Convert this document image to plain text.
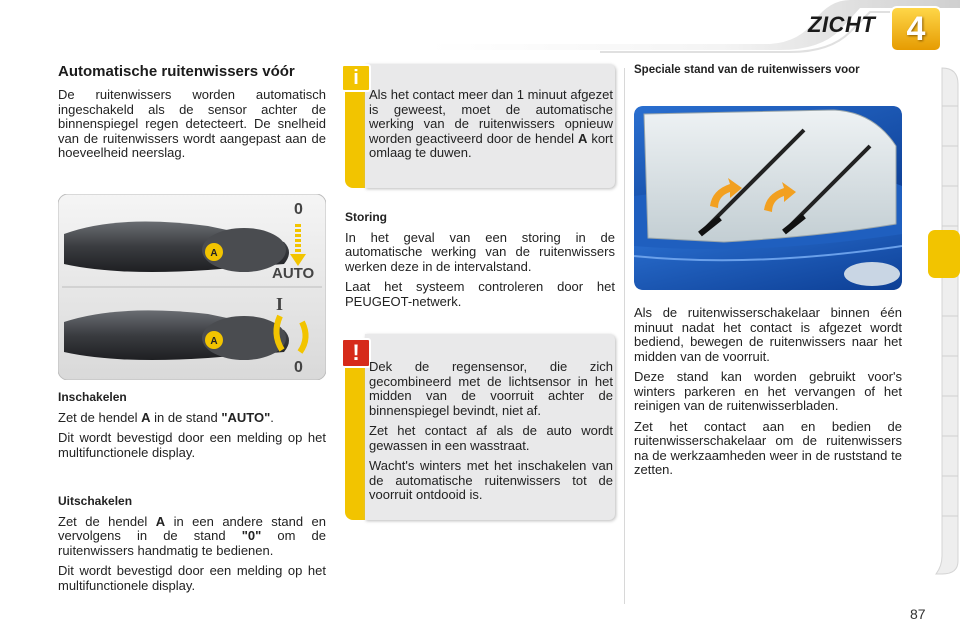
ZICHT 4
Automatische ruitenwissers vóór

De ruitenwissers worden automatisch ingeschakeld als de sensor achter de binnenspiegel regen detecteert. De snelheid van de ruitenwissers wordt aangepast aan de hoeveelheid neerslag.

A
0
AUTO
A
I
0
Inschakelen

Zet de hendel A in de stand "AUTO".

Dit wordt bevestigd door een melding op het multifunctionele display.

Uitschakelen

Zet de hendel A in een andere stand en vervolgens in de stand "0" om de ruitenwissers handmatig te bedienen.

Dit wordt bevestigd door een melding op het multifunctionele display.

i
Als het contact meer dan 1 minuut afgezet is geweest, moet de automatische werking van de ruitenwissers opnieuw worden geactiveerd door de hendel A kort omlaag te duwen.
Storing

In het geval van een storing in de automatische werking van de ruitenwissers werken deze in de intervalstand.

Laat het systeem controleren door het PEUGEOT-netwerk.

!

Dek de regensensor, die zich gecombineerd met de lichtsensor in het midden van de voorruit achter de binnenspiegel bevindt, niet af.

Zet het contact af als de auto wordt gewassen in een wasstraat.

Wacht's winters met het inschakelen van de automatische ruitenwissers tot de voorruit ontdooid is.

Speciale stand van de ruitenwissers voor

Als de ruitenwisserschakelaar binnen één minuut nadat het contact is afgezet wordt bediend, bewegen de ruitenwissers naar het midden van de voorruit.

Deze stand kan worden gebruikt voor's winters parkeren en het vervangen of het reinigen van de ruitenwisserbladen.

Zet het contact aan en bedien de ruitenwisserschakelaar om de ruitenwissers na de werkzaamheden weer in de ruststand te zetten.

87
